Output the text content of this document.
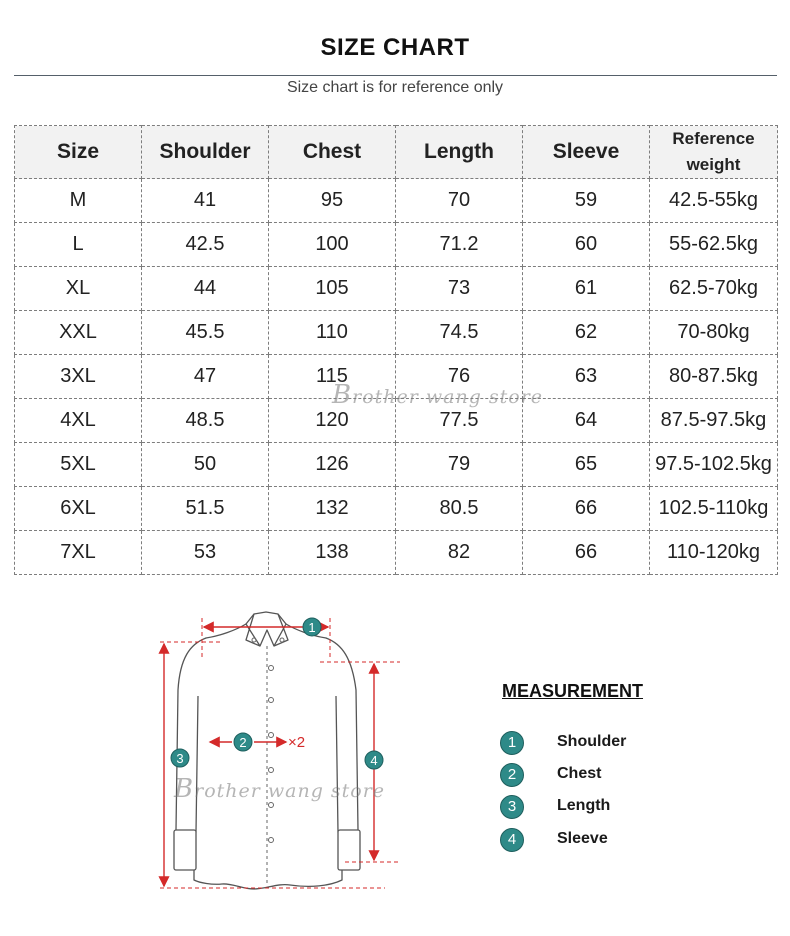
SIZE CHART
Size chart is for reference only
Size	Shoulder	Chest	Length	Sleeve	Reference weight
M	41	95	70	59	42.5-55kg
L	42.5	100	71.2	60	55-62.5kg
XL	44	105	73	61	62.5-70kg
XXL	45.5	110	74.5	62	70-80kg
3XL	47	115	76	63	80-87.5kg
4XL	48.5	120	77.5	64	87.5-97.5kg
5XL	50	126	79	65	97.5-102.5kg
6XL	51.5	132	80.5	66	102.5-110kg
7XL	53	138	82	66	110-120kg
Brother wang store
1
2	×2
3	4
Brother wang store
MEASUREMENT
1	Shoulder
2	Chest
3	Length
4	Sleeve
